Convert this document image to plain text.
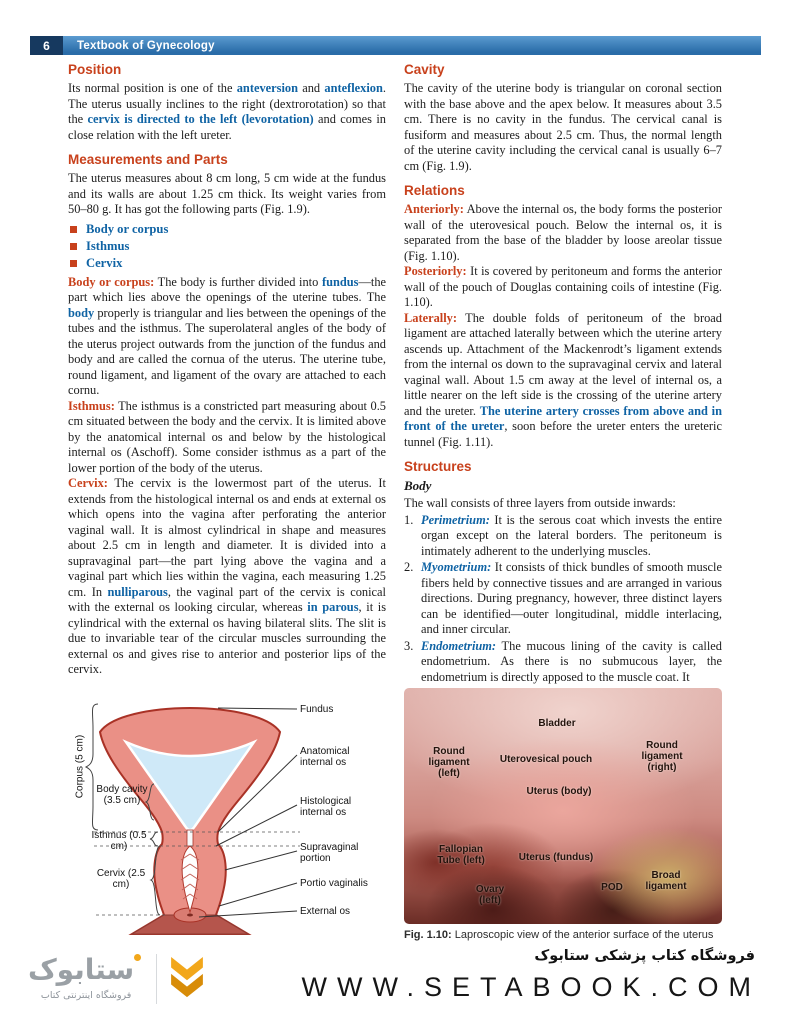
6	Textbook of Gynecology
Position

Its normal position is one of the anteversion and anteflexion. The uterus usually inclines to the right (dextrorotation) so that the cervix is directed to the left (levorotation) and comes in close relation with the left ureter.

Measurements and Parts

The uterus measures about 8 cm long, 5 cm wide at the fundus and its walls are about 1.25 cm thick. Its weight varies from 50–80 g. It has got the following parts (Fig. 1.9).

Body or corpus
Isthmus
Cervix

Body or corpus: The body is further divided into fundus—the part which lies above the openings of the uterine tubes. The body properly is triangular and lies between the openings of the tubes and the isthmus. The superolateral angles of the body of the uterus project outwards from the junction of the fundus and body and are called the cornua of the uterus. The uterine tube, round ligament, and ligament of the ovary are attached to each cornu.

Isthmus: The isthmus is a constricted part measuring about 0.5 cm situated between the body and the cervix. It is limited above by the anatomical internal os and below by the histological internal os (Aschoff). Some consider isthmus as a part of the lower portion of the body of the uterus.

Cervix: The cervix is the lowermost part of the uterus. It extends from the histological internal os and ends at external os which opens into the vagina after perforating the anterior vaginal wall. It is almost cylindrical in shape and measures about 2.5 cm in length and diameter. It is divided into a supravaginal part—the part lying above the vagina and a vaginal part which lies within the vagina, each measuring 1.25 cm. In nulliparous, the vaginal part of the cervix is conical with the external os looking circular, whereas in parous, it is cylindrical with the external os having bilateral slits. The slit is due to invariable tear of the circular muscles surrounding the external os and gives rise to anterior and posterior lips of the cervix.

Cavity

The cavity of the uterine body is triangular on coronal section with the base above and the apex below. It measures about 3.5 cm. There is no cavity in the fundus. The cervical canal is fusiform and measures about 2.5 cm. Thus, the normal length of the uterine cavity including the cervical canal is usually 6–7 cm (Fig. 1.9).

Relations

Anteriorly: Above the internal os, the body forms the posterior wall of the uterovesical pouch. Below the internal os, it is separated from the base of the bladder by loose areolar tissue (Fig. 1.10).

Posteriorly: It is covered by peritoneum and forms the anterior wall of the pouch of Douglas containing coils of intestine (Fig. 1.10).

Laterally: The double folds of peritoneum of the broad ligament are attached laterally between which the uterine artery ascends up. Attachment of the Mackenrodt’s ligament extends from the internal os down to the supravaginal cervix and lateral vaginal wall. About 1.5 cm away at the level of internal os, a little nearer on the left side is the crossing of the uterine artery and the ureter. The uterine artery crosses from above and in front of the ureter, soon before the ureter enters the ureteric tunnel (Fig. 1.11).

Structures
Body

The wall consists of three layers from outside inwards:

1. Perimetrium: It is the serous coat which invests the entire organ except on the lateral borders. The peritoneum is intimately adherent to the underlying muscles.
2. Myometrium: It consists of thick bundles of smooth muscle fibers held by connective tissues and are arranged in various directions. During pregnancy, however, three distinct layers can be identified—outer longitudinal, middle interlacing, and inner circular.
3. Endometrium: The mucous lining of the cavity is called endometrium. As there is no submucous layer, the endometrium is directly apposed to the muscle coat. It
Corpus (5 cm) Body cavity (3.5 cm)
Isthmus (0.5 cm)
Cervix (2.5 cm)
Fundus
Anatomical internal os
Histological internal os
Supravaginal portion
Portio vaginalis
External os
Bladder
Round ligament (left)
Uterovesical pouch
Round ligament (right)
Uterus (body)
Fallopian Tube (left)	Uterus (fundus)
Ovary (left)
POD
Broad ligament
Fig. 1.10: Laproscopic view of the anterior surface of the uterus
ستابوک
فروشگاه اینترنتی کتاب
فروشگاه کتاب پزشکی ستابوک
WWW.SETABOOK.COM
